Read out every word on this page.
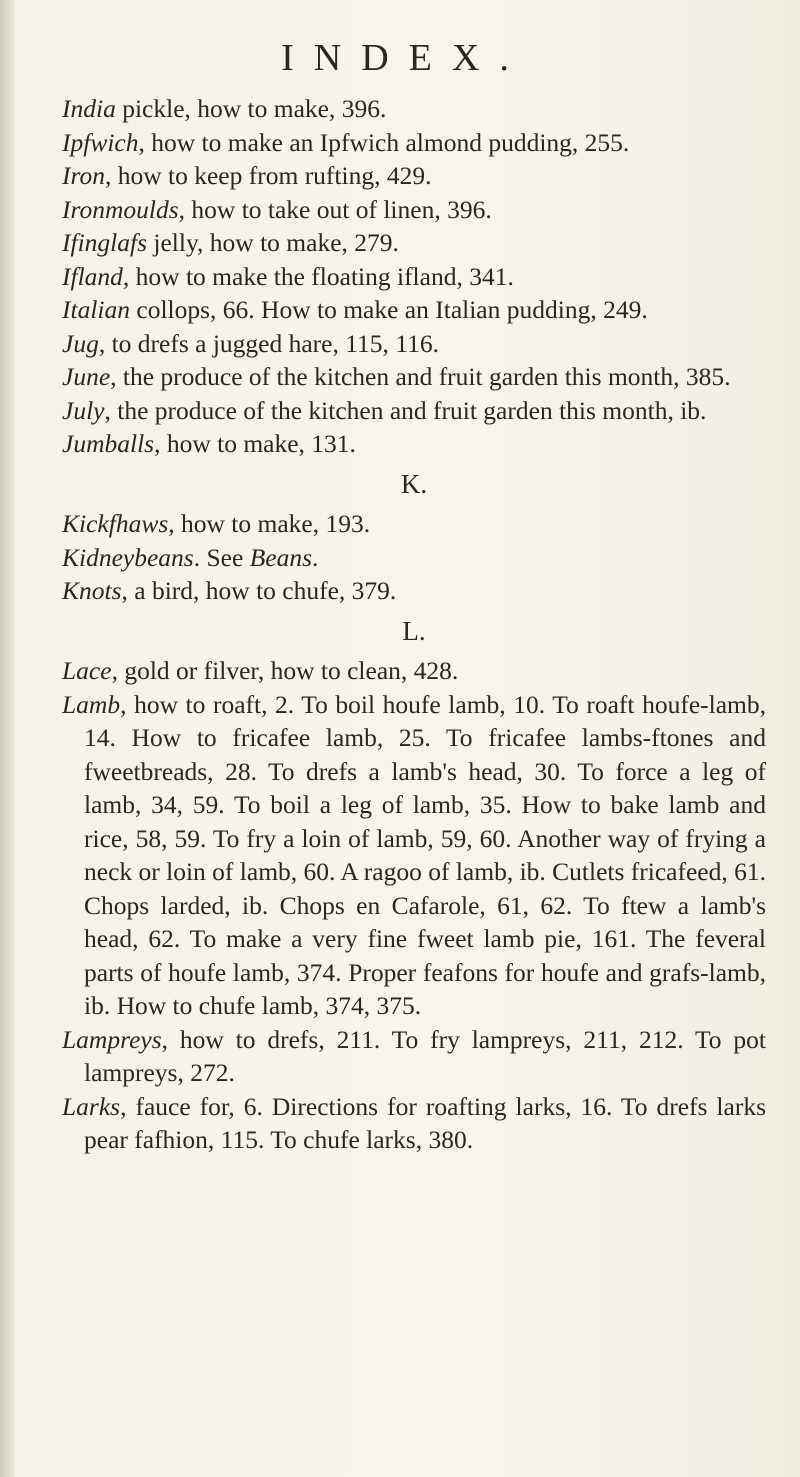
INDEX.

India pickle, how to make, 396.

Ipfwich, how to make an Ipfwich almond pudding, 255.

Iron, how to keep from rufting, 429.

Ironmoulds, how to take out of linen, 396.

Ifinglafs jelly, how to make, 279.

Ifland, how to make the floating ifland, 341.

Italian collops, 66. How to make an Italian pudding, 249.

Jug, to drefs a jugged hare, 115, 116.

June, the produce of the kitchen and fruit garden this month, 385.

July, the produce of the kitchen and fruit garden this month, ib.

Jumballs, how to make, 131.

K.

Kickfhaws, how to make, 193.

Kidneybeans. See Beans.

Knots, a bird, how to chufe, 379.

L.

Lace, gold or filver, how to clean, 428.

Lamb, how to roaft, 2. To boil houfe lamb, 10. To roaft houfe-lamb, 14. How to fricafee lamb, 25. To fricafee lambs-ftones and fweetbreads, 28. To drefs a lamb's head, 30. To force a leg of lamb, 34, 59. To boil a leg of lamb, 35. How to bake lamb and rice, 58, 59. To fry a loin of lamb, 59, 60. Another way of frying a neck or loin of lamb, 60. A ragoo of lamb, ib. Cutlets fricafeed, 61. Chops larded, ib. Chops en Cafarole, 61, 62. To ftew a lamb's head, 62. To make a very fine fweet lamb pie, 161. The feveral parts of houfe lamb, 374. Proper feafons for houfe and grafs-lamb, ib. How to chufe lamb, 374, 375.

Lampreys, how to drefs, 211. To fry lampreys, 211, 212. To pot lampreys, 272.

Larks, fauce for, 6. Directions for roafting larks, 16. To drefs larks pear fafhion, 115. To chufe larks, 380.
